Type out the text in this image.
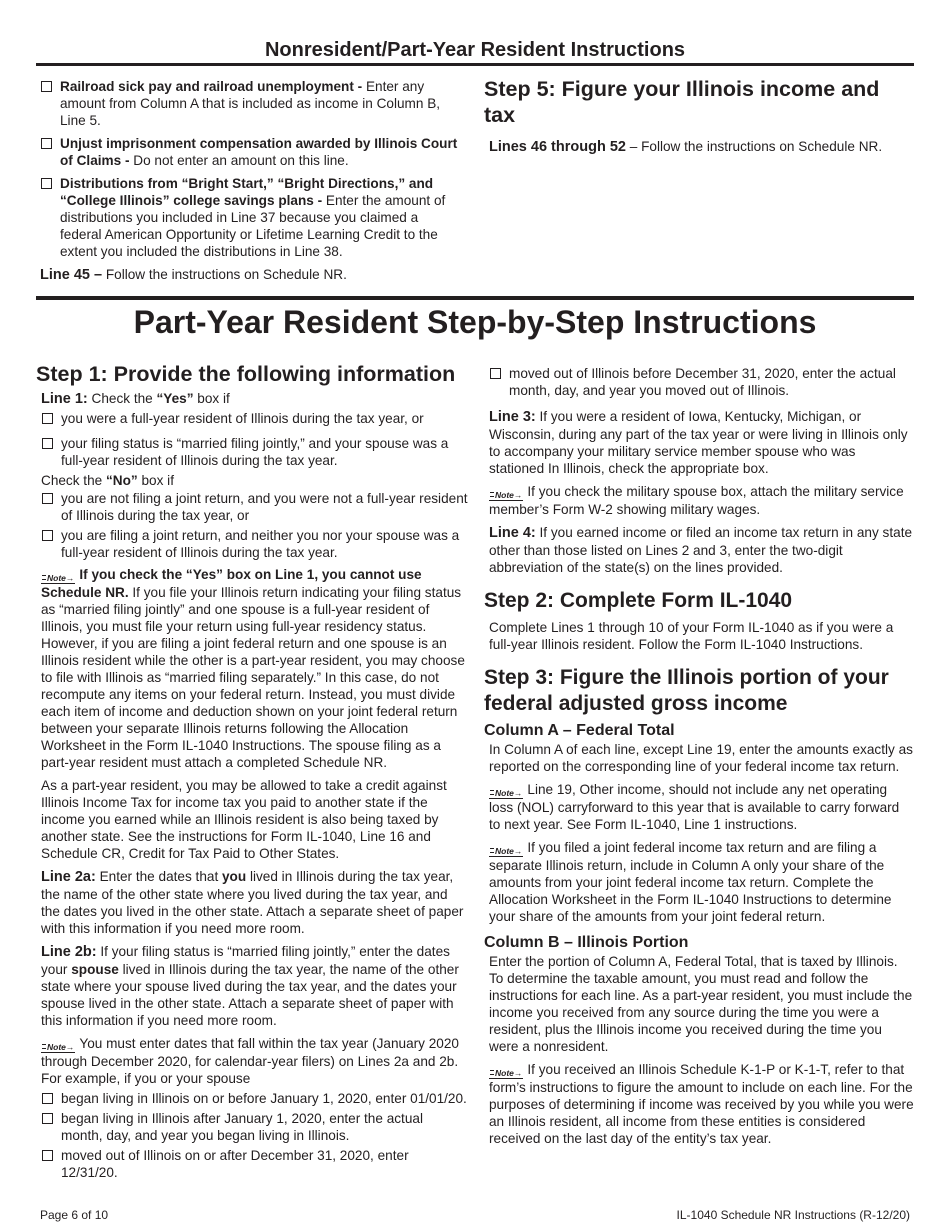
Nonresident/Part-Year Resident Instructions
Railroad sick pay and railroad unemployment - Enter any amount from Column A that is included as income in Column B, Line 5.
Unjust imprisonment compensation awarded by Illinois Court of Claims - Do not enter an amount on this line.
Distributions from “Bright Start,” “Bright Directions,” and “College Illinois” college savings plans - Enter the amount of distributions you included in Line 37 because you claimed a federal American Opportunity or Lifetime Learning Credit to the extent you included the distributions in Line 38.
Line 45 – Follow the instructions on Schedule NR.
Step 5: Figure your Illinois income and tax
Lines 46 through 52 – Follow the instructions on Schedule NR.
Part-Year Resident Step-by-Step Instructions
Step 1: Provide the following information
Line 1: Check the “Yes” box if
you were a full-year resident of Illinois during the tax year, or
your filing status is “married filing jointly,” and your spouse was a full-year resident of Illinois during the tax year.
Check the “No” box if
you are not filing a joint return, and you were not a full-year resident of Illinois during the tax year, or
you are filing a joint return, and neither you nor your spouse was a full-year resident of Illinois during the tax year.
Note→ If you check the “Yes” box on Line 1, you cannot use Schedule NR. If you file your Illinois return indicating your filing status as “married filing jointly” and one spouse is a full-year resident of Illinois, you must file your return using full-year residency status. However, if you are filing a joint federal return and one spouse is an Illinois resident while the other is a part-year resident, you may choose to file with Illinois as “married filing separately.” In this case, do not recompute any items on your federal return. Instead, you must divide each item of income and deduction shown on your joint federal return between your separate Illinois returns following the Allocation Worksheet in the Form IL-1040 Instructions. The spouse filing as a part-year resident must attach a completed Schedule NR.
As a part-year resident, you may be allowed to take a credit against Illinois Income Tax for income tax you paid to another state if the income you earned while an Illinois resident is also being taxed by another state. See the instructions for Form IL-1040, Line 16 and Schedule CR, Credit for Tax Paid to Other States.
Line 2a: Enter the dates that you lived in Illinois during the tax year, the name of the other state where you lived during the tax year, and the dates you lived in the other state. Attach a separate sheet of paper with this information if you need more room.
Line 2b: If your filing status is “married filing jointly,” enter the dates your spouse lived in Illinois during the tax year, the name of the other state where your spouse lived during the tax year, and the dates your spouse lived in the other state. Attach a separate sheet of paper with this information if you need more room.
Note→ You must enter dates that fall within the tax year (January 2020 through December 2020, for calendar-year filers) on Lines 2a and 2b. For example, if you or your spouse
began living in Illinois on or before January 1, 2020, enter 01/01/20.
began living in Illinois after January 1, 2020, enter the actual month, day, and year you began living in Illinois.
moved out of Illinois on or after December 31, 2020, enter 12/31/20.
moved out of Illinois before December 31, 2020, enter the actual month, day, and year you moved out of Illinois.
Line 3: If you were a resident of Iowa, Kentucky, Michigan, or Wisconsin, during any part of the tax year or were living in Illinois only to accompany your military service member spouse who was stationed In Illinois, check the appropriate box.
Note→ If you check the military spouse box, attach the military service member’s Form W-2 showing military wages.
Line 4: If you earned income or filed an income tax return in any state other than those listed on Lines 2 and 3, enter the two-digit abbreviation of the state(s) on the lines provided.
Step 2: Complete Form IL-1040
Complete Lines 1 through 10 of your Form IL-1040 as if you were a full-year Illinois resident. Follow the Form IL-1040 Instructions.
Step 3: Figure the Illinois portion of your federal adjusted gross income
Column A – Federal Total
In Column A of each line, except Line 19, enter the amounts exactly as reported on the corresponding line of your federal income tax return.
Note→ Line 19, Other income, should not include any net operating loss (NOL) carryforward to this year that is available to carry forward to next year. See Form IL-1040, Line 1 instructions.
Note→ If you filed a joint federal income tax return and are filing a separate Illinois return, include in Column A only your share of the amounts from your joint federal income tax return. Complete the Allocation Worksheet in the Form IL-1040 Instructions to determine your share of the amounts from your joint federal return.
Column B – Illinois Portion
Enter the portion of Column A, Federal Total, that is taxed by Illinois. To determine the taxable amount, you must read and follow the instructions for each line. As a part-year resident, you must include the income you received from any source during the time you were a resident, plus the Illinois income you received during the time you were a nonresident.
Note→ If you received an Illinois Schedule K-1-P or K-1-T, refer to that form’s instructions to figure the amount to include on each line. For the purposes of determining if income was received by you while you were an Illinois resident, all income from these entities is considered received on the last day of the entity’s tax year.
Page 6 of 10	IL-1040 Schedule NR Instructions (R-12/20)
